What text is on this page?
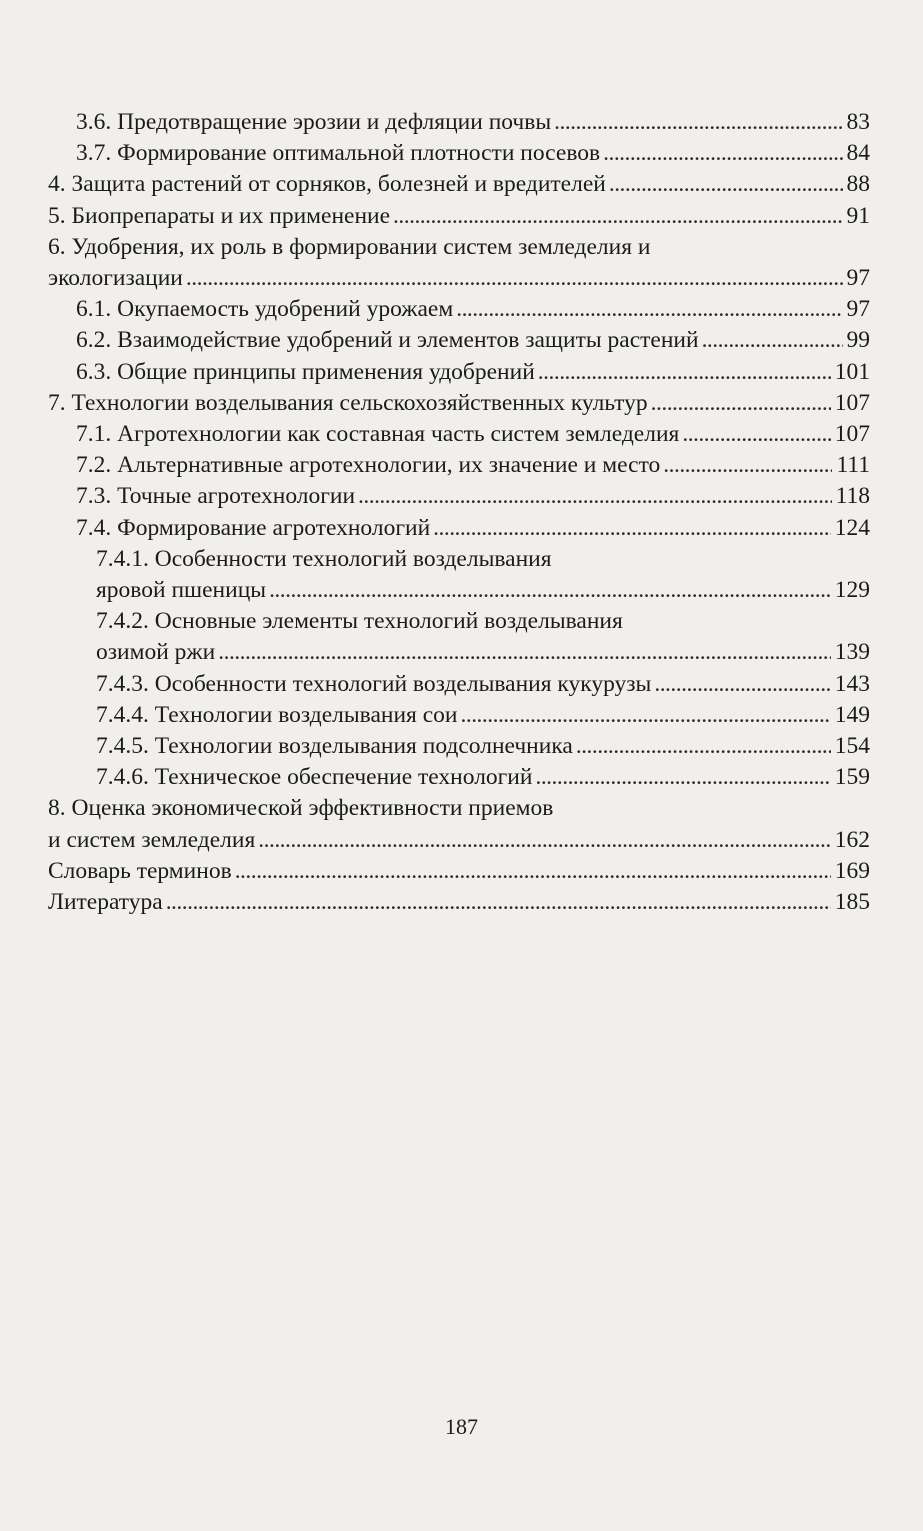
3.6. Предотвращение эрозии и дефляции почвы . . .	83
3.7. Формирование оптимальной плотности посевов . . .	84
4. Защита растений от сорняков, болезней и вредителей . . .	88
5. Биопрепараты и их применение . . .	91
6. Удобрения, их роль в формировании систем земледелия и
экологизации . . .	97
6.1. Окупаемость удобрений урожаем . . .	97
6.2. Взаимодействие удобрений и элементов защиты растений . . .	99
6.3. Общие принципы применения удобрений . . .	101
7. Технологии возделывания сельскохозяйственных культур . . .	107
7.1. Агротехнологии как составная часть систем земледелия . . .	107
7.2. Альтернативные агротехнологии, их значение и место . . .	111
7.3. Точные агротехнологии . . .	118
7.4. Формирование агротехнологий . . .	124
7.4.1. Особенности технологий возделывания
яровой пшеницы . . .	129
7.4.2. Основные элементы технологий возделывания
озимой ржи . . .	139
7.4.3. Особенности технологий возделывания кукурузы . . .	143
7.4.4. Технологии возделывания сои . . .	149
7.4.5. Технологии возделывания подсолнечника . . .	154
7.4.6. Техническое обеспечение технологий . . .	159
8. Оценка экономической эффективности приемов
и систем земледелия . . .	162
Словарь терминов . . .	169
Литература . . .	185
187
